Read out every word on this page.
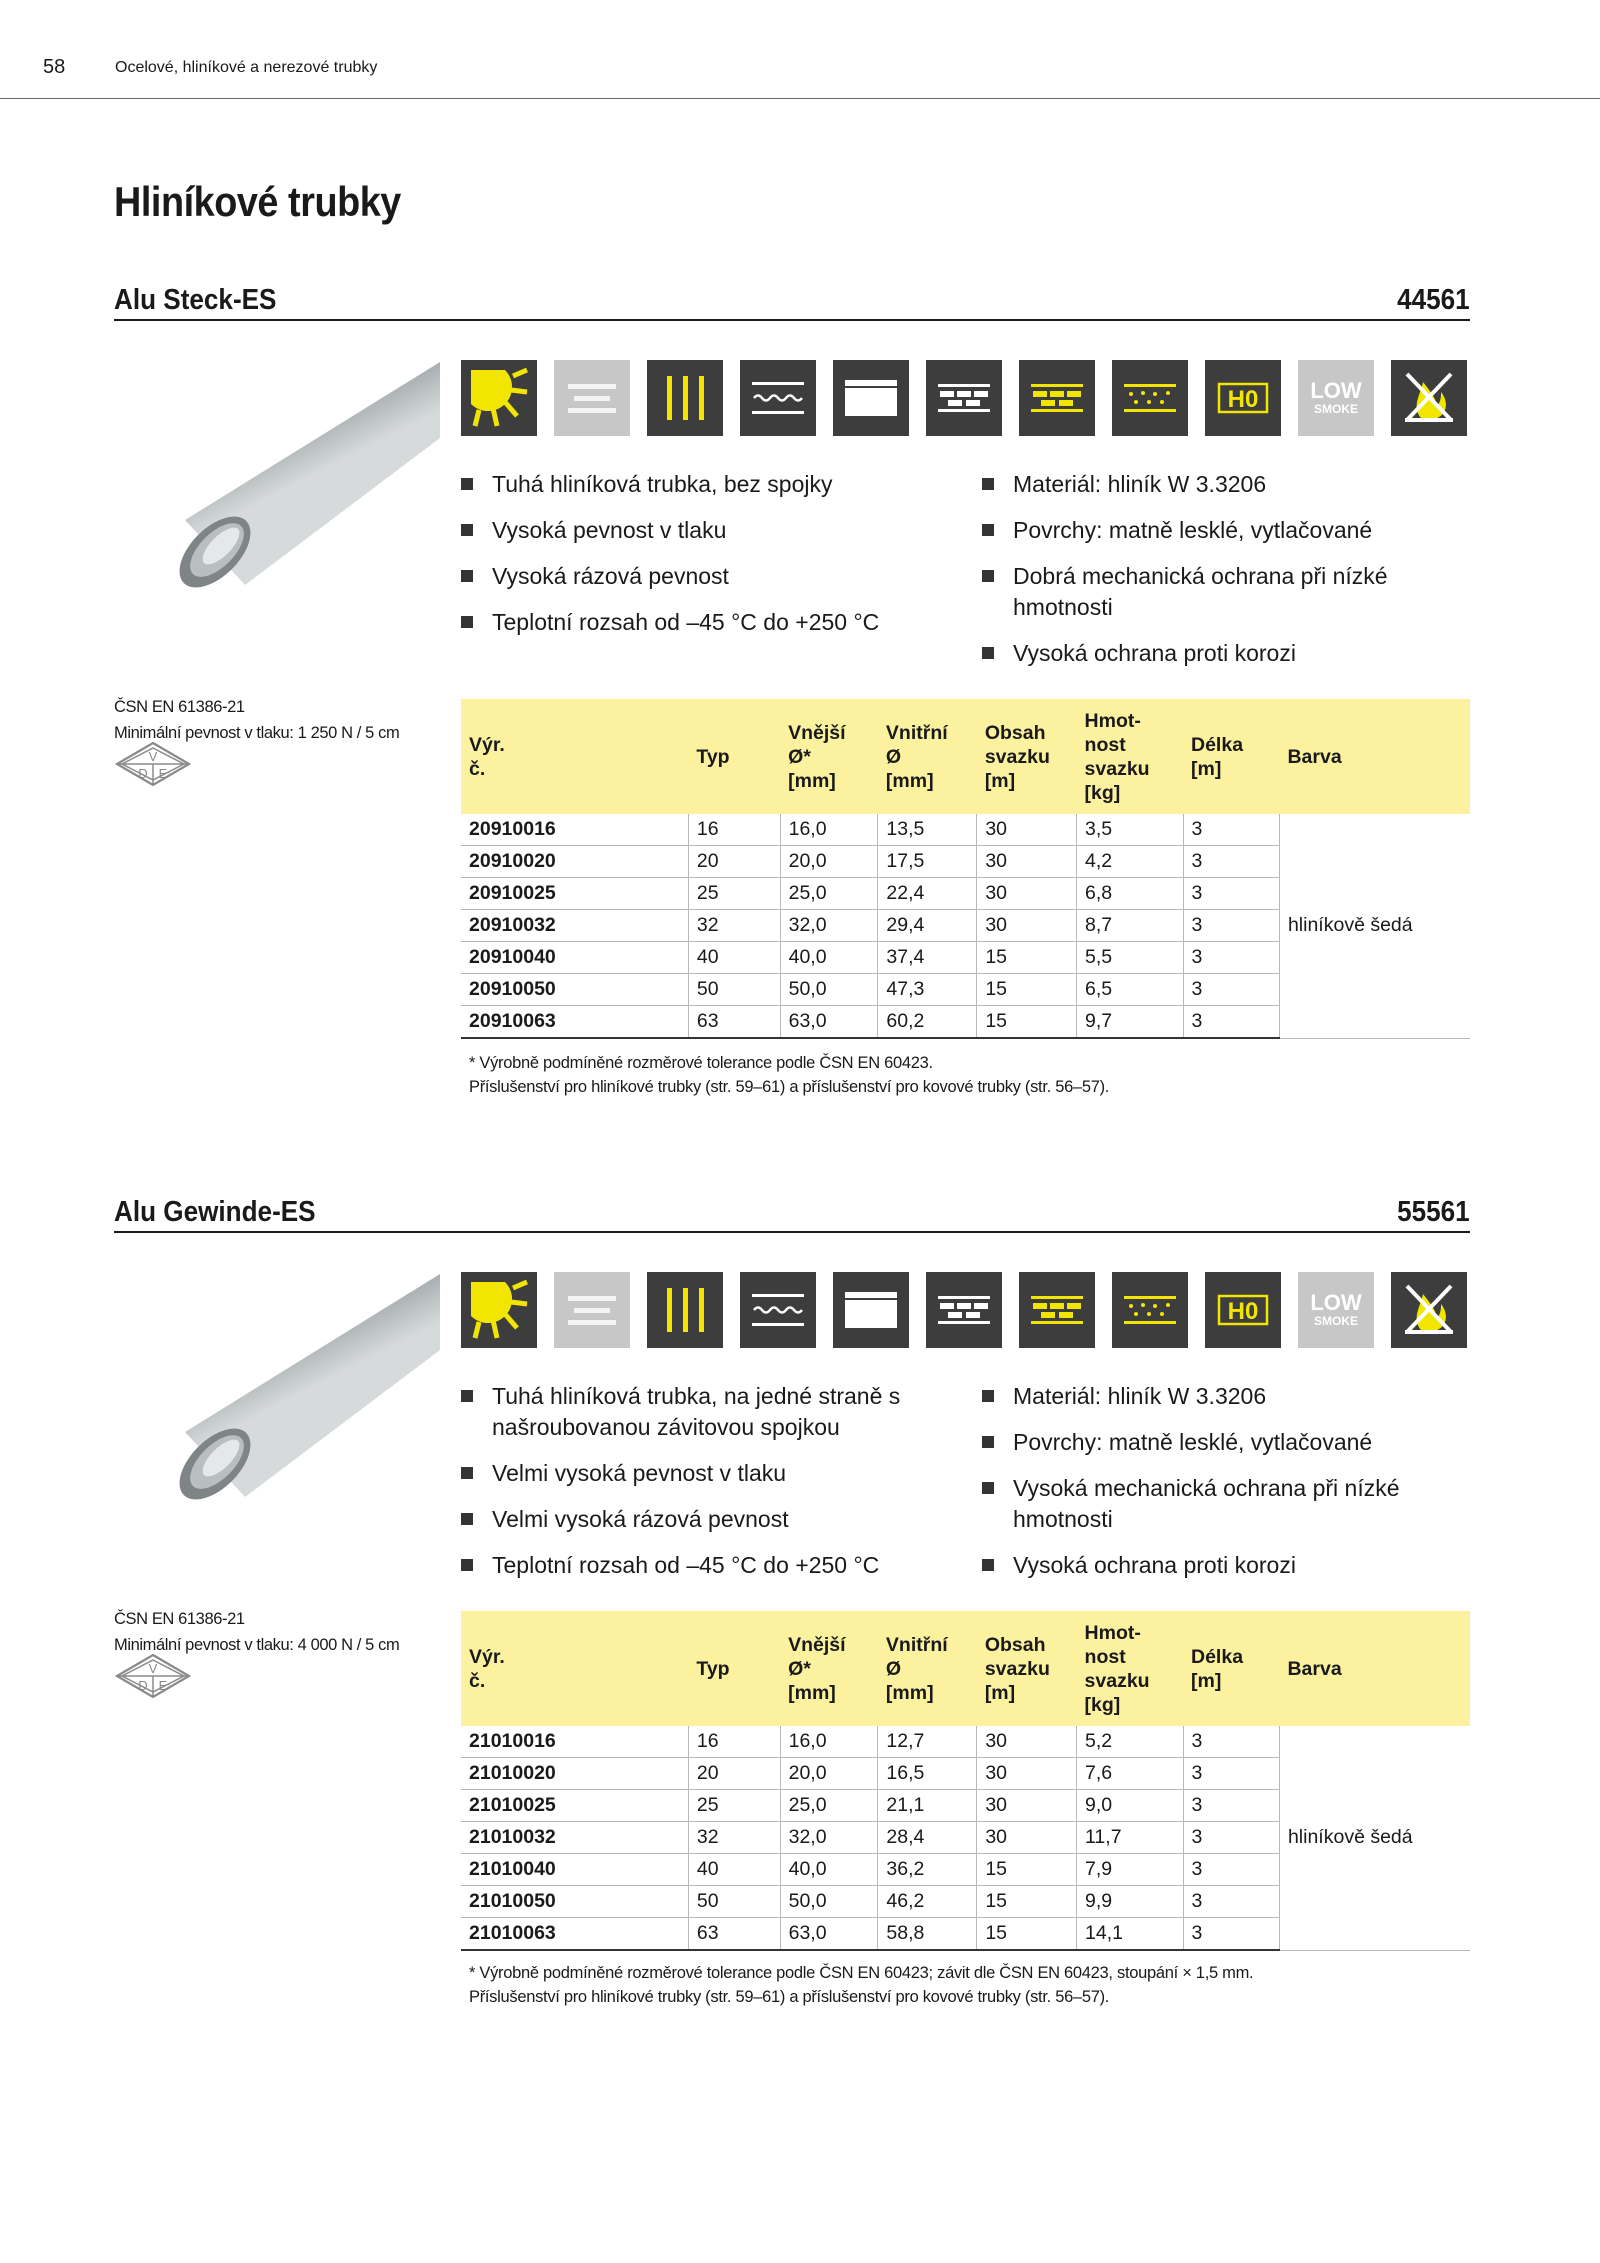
58	Ocelové, hliníkové a nerezové trubky
Hliníkové trubky
Alu Steck-ES	44561
H0 LOW
SMOKE
Tuhá hliníková trubka, bez spojky
Vysoká pevnost v tlaku
Vysoká rázová pevnost
Teplotní rozsah od –45 °C do +250 °C
Materiál: hliník W 3.3206
Povrchy: matně lesklé, vytlačované
Dobrá mechanická ochrana při nízké hmotnosti
Vysoká ochrana proti korozi
ČSN EN 61386-21
Minimální pevnost v tlaku: 1 250 N / 5 cm
V
D E
Výr.
č.	Typ	Vnější
Ø*
[mm]	Vnitřní
Ø
[mm]	Obsah
svazku
[m]	Hmot-
nost
svazku
[kg]	Délka
[m]	Barva
20910016	16	16,0	13,5	30	3,5	3	hliníkově šedá
20910020	20	20,0	17,5	30	4,2	3	
20910025	25	25,0	22,4	30	6,8	3	
20910032	32	32,0	29,4	30	8,7	3	
20910040	40	40,0	37,4	15	5,5	3	
20910050	50	50,0	47,3	15	6,5	3	
20910063	63	63,0	60,2	15	9,7	3	
* Výrobně podmíněné rozměrové tolerance podle ČSN EN 60423.
Příslušenství pro hliníkové trubky (str. 59–61) a příslušenství pro kovové trubky (str. 56–57).
Alu Gewinde-ES	55561
H0 LOW
SMOKE
Tuhá hliníková trubka, na jedné straně s našroubovanou závitovou spojkou
Velmi vysoká pevnost v tlaku
Velmi vysoká rázová pevnost
Teplotní rozsah od –45 °C do +250 °C
Materiál: hliník W 3.3206
Povrchy: matně lesklé, vytlačované
Vysoká mechanická ochrana při nízké hmotnosti
Vysoká ochrana proti korozi
ČSN EN 61386-21
Minimální pevnost v tlaku: 4 000 N / 5 cm
V
D E
Výr.
č.	Typ	Vnější
Ø*
[mm]	Vnitřní
Ø
[mm]	Obsah
svazku
[m]	Hmot-
nost
svazku
[kg]	Délka
[m]	Barva
21010016	16	16,0	12,7	30	5,2	3	hliníkově šedá
21010020	20	20,0	16,5	30	7,6	3	
21010025	25	25,0	21,1	30	9,0	3	
21010032	32	32,0	28,4	30	11,7	3	
21010040	40	40,0	36,2	15	7,9	3	
21010050	50	50,0	46,2	15	9,9	3	
21010063	63	63,0	58,8	15	14,1	3	
* Výrobně podmíněné rozměrové tolerance podle ČSN EN 60423; závit dle ČSN EN 60423, stoupání × 1,5 mm.
Příslušenství pro hliníkové trubky (str. 59–61) a příslušenství pro kovové trubky (str. 56–57).
